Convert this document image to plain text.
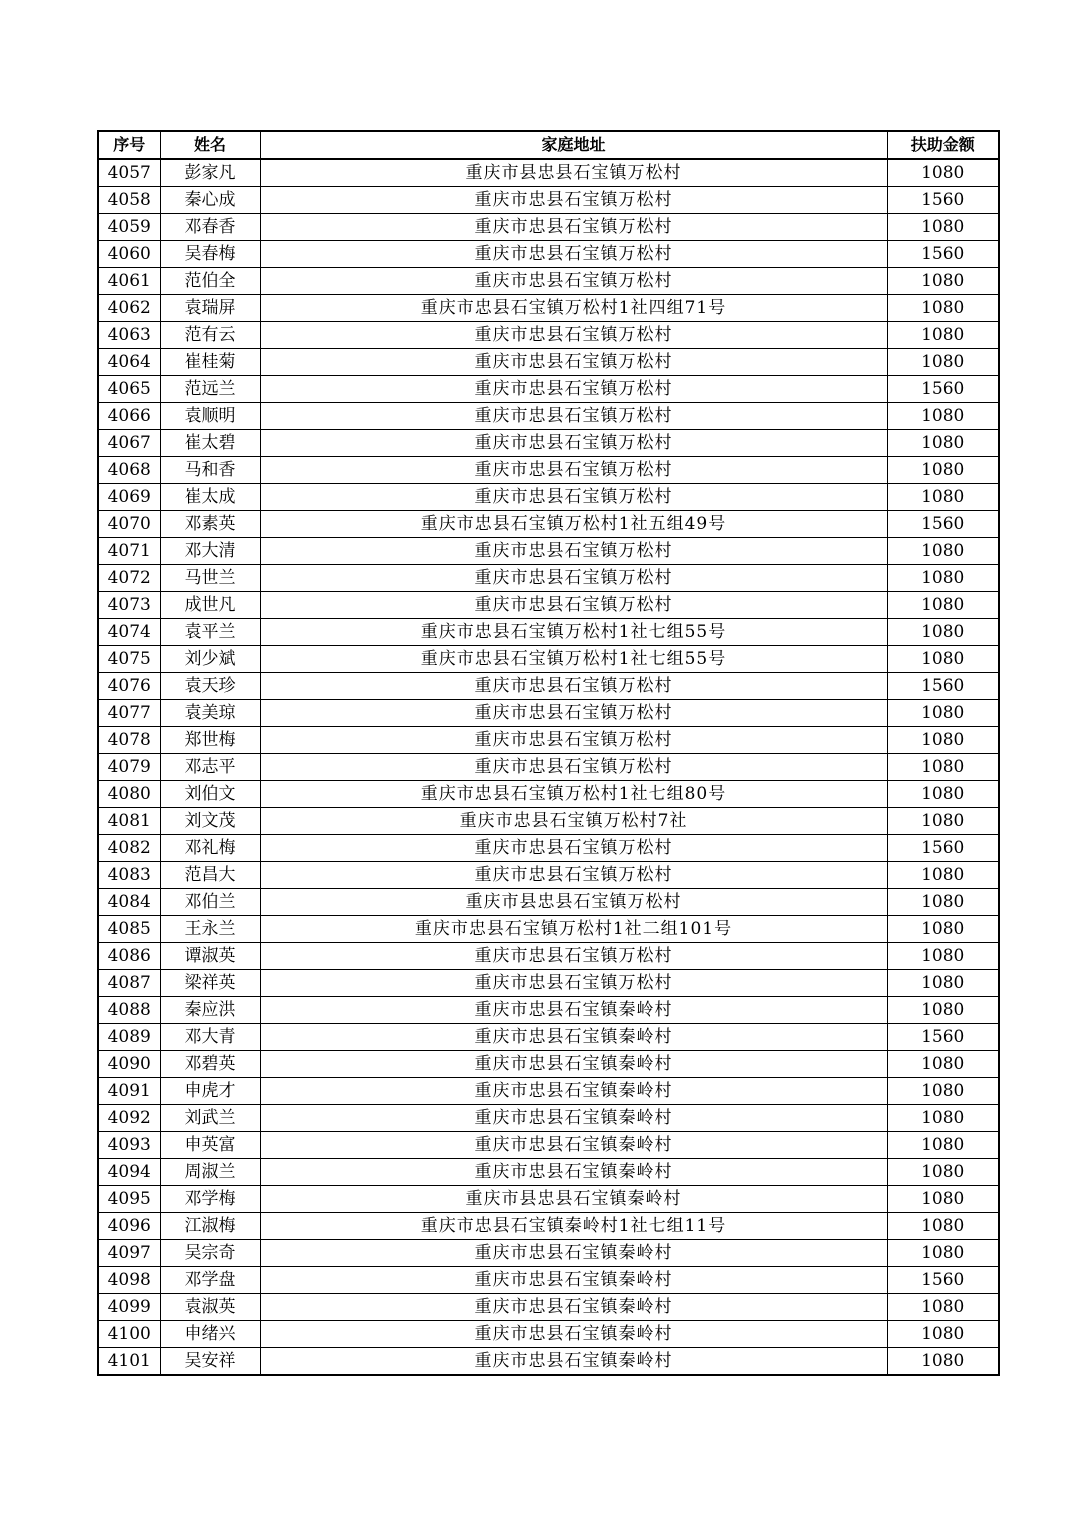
序号	姓名	家庭地址	扶助金额
4057	彭家凡	重庆市县忠县石宝镇万松村	1080
4058	秦心成	重庆市忠县石宝镇万松村	1560
4059	邓春香	重庆市忠县石宝镇万松村	1080
4060	吴春梅	重庆市忠县石宝镇万松村	1560
4061	范伯全	重庆市忠县石宝镇万松村	1080
4062	袁瑞屏	重庆市忠县石宝镇万松村1社四组71号	1080
4063	范有云	重庆市忠县石宝镇万松村	1080
4064	崔桂菊	重庆市忠县石宝镇万松村	1080
4065	范远兰	重庆市忠县石宝镇万松村	1560
4066	袁顺明	重庆市忠县石宝镇万松村	1080
4067	崔太碧	重庆市忠县石宝镇万松村	1080
4068	马和香	重庆市忠县石宝镇万松村	1080
4069	崔太成	重庆市忠县石宝镇万松村	1080
4070	邓素英	重庆市忠县石宝镇万松村1社五组49号	1560
4071	邓大清	重庆市忠县石宝镇万松村	1080
4072	马世兰	重庆市忠县石宝镇万松村	1080
4073	成世凡	重庆市忠县石宝镇万松村	1080
4074	袁平兰	重庆市忠县石宝镇万松村1社七组55号	1080
4075	刘少斌	重庆市忠县石宝镇万松村1社七组55号	1080
4076	袁天珍	重庆市忠县石宝镇万松村	1560
4077	袁美琼	重庆市忠县石宝镇万松村	1080
4078	郑世梅	重庆市忠县石宝镇万松村	1080
4079	邓志平	重庆市忠县石宝镇万松村	1080
4080	刘伯文	重庆市忠县石宝镇万松村1社七组80号	1080
4081	刘文茂	重庆市忠县石宝镇万松村7社	1080
4082	邓礼梅	重庆市忠县石宝镇万松村	1560
4083	范昌大	重庆市忠县石宝镇万松村	1080
4084	邓伯兰	重庆市县忠县石宝镇万松村	1080
4085	王永兰	重庆市忠县石宝镇万松村1社二组101号	1080
4086	谭淑英	重庆市忠县石宝镇万松村	1080
4087	梁祥英	重庆市忠县石宝镇万松村	1080
4088	秦应洪	重庆市忠县石宝镇秦岭村	1080
4089	邓大青	重庆市忠县石宝镇秦岭村	1560
4090	邓碧英	重庆市忠县石宝镇秦岭村	1080
4091	申虎才	重庆市忠县石宝镇秦岭村	1080
4092	刘武兰	重庆市忠县石宝镇秦岭村	1080
4093	申英富	重庆市忠县石宝镇秦岭村	1080
4094	周淑兰	重庆市忠县石宝镇秦岭村	1080
4095	邓学梅	重庆市县忠县石宝镇秦岭村	1080
4096	江淑梅	重庆市忠县石宝镇秦岭村1社七组11号	1080
4097	吴宗奇	重庆市忠县石宝镇秦岭村	1080
4098	邓学盘	重庆市忠县石宝镇秦岭村	1560
4099	袁淑英	重庆市忠县石宝镇秦岭村	1080
4100	申绪兴	重庆市忠县石宝镇秦岭村	1080
4101	吴安祥	重庆市忠县石宝镇秦岭村	1080
